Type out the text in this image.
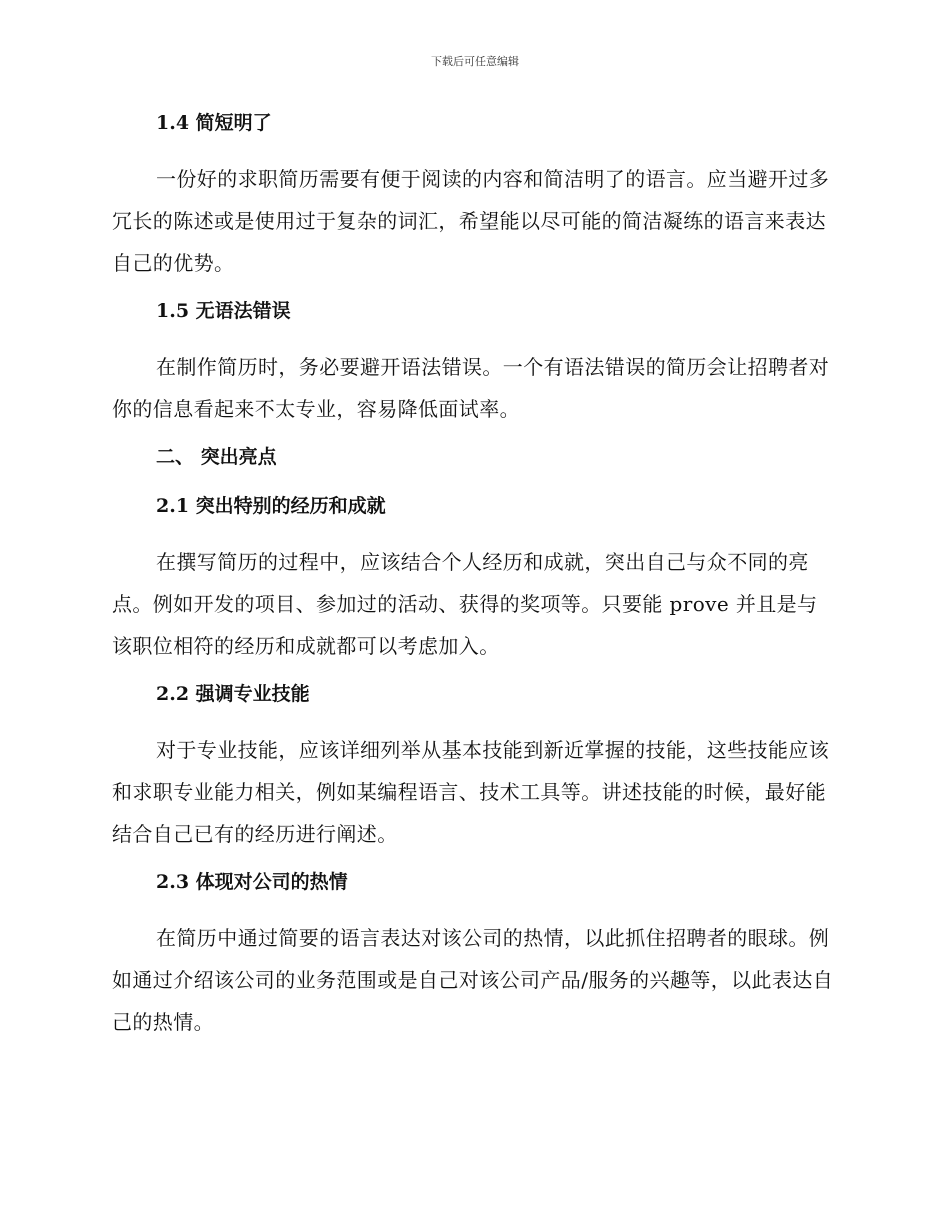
下载后可任意编辑
1.4 简短明了

一份好的求职简历需要有便于阅读的内容和简洁明了的语言。应当避开过多冗长的陈述或是使用过于复杂的词汇，希望能以尽可能的简洁凝练的语言来表达自己的优势。

1.5 无语法错误

在制作简历时，务必要避开语法错误。一个有语法错误的简历会让招聘者对你的信息看起来不太专业，容易降低面试率。

二、 突出亮点
2.1 突出特别的经历和成就

在撰写简历的过程中，应该结合个人经历和成就，突出自己与众不同的亮点。例如开发的项目、参加过的活动、获得的奖项等。只要能 prove 并且是与该职位相符的经历和成就都可以考虑加入。

2.2 强调专业技能

对于专业技能，应该详细列举从基本技能到新近掌握的技能，这些技能应该和求职专业能力相关，例如某编程语言、技术工具等。讲述技能的时候，最好能结合自己已有的经历进行阐述。

2.3 体现对公司的热情

在简历中通过简要的语言表达对该公司的热情，以此抓住招聘者的眼球。例如通过介绍该公司的业务范围或是自己对该公司产品/服务的兴趣等，以此表达自己的热情。
